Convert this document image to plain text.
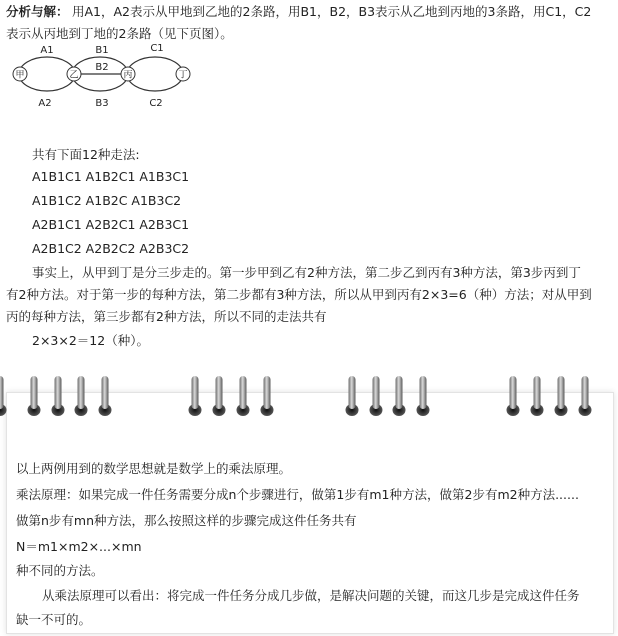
分析与解： 用A1，A2表示从甲地到乙地的2条路，用B1，B2，B3表示从乙地到丙地的3条路，用C1，C2
表示从丙地到丁地的2条路（见下页图）。
甲	乙	丙	丁
A1	B1	C1
B2
A2	B3	C2
共有下面12种走法:
A1B1C1 A1B2C1 A1B3C1
A1B1C2 A1B2C A1B3C2
A2B1C1 A2B2C1 A2B3C1
A2B1C2 A2B2C2 A2B3C2
事实上，从甲到丁是分三步走的。第一步甲到乙有2种方法，第二步乙到丙有3种方法，第3步丙到丁
有2种方法。对于第一步的每种方法，第二步都有3种方法，所以从甲到丙有2×3=6（种）方法；对从甲到
丙的每种方法，第三步都有2种方法，所以不同的走法共有
2×3×2＝12（种）。
以上两例用到的数学思想就是数学上的乘法原理。
乘法原理：如果完成一件任务需要分成n个步骤进行，做第1步有m1种方法，做第2步有m2种方法......
做第n步有mn种方法，那么按照这样的步骤完成这件任务共有
N＝m1×m2×...×mn
种不同的方法。
从乘法原理可以看出：将完成一件任务分成几步做，是解决问题的关键，而这几步是完成这件任务
缺一不可的。
